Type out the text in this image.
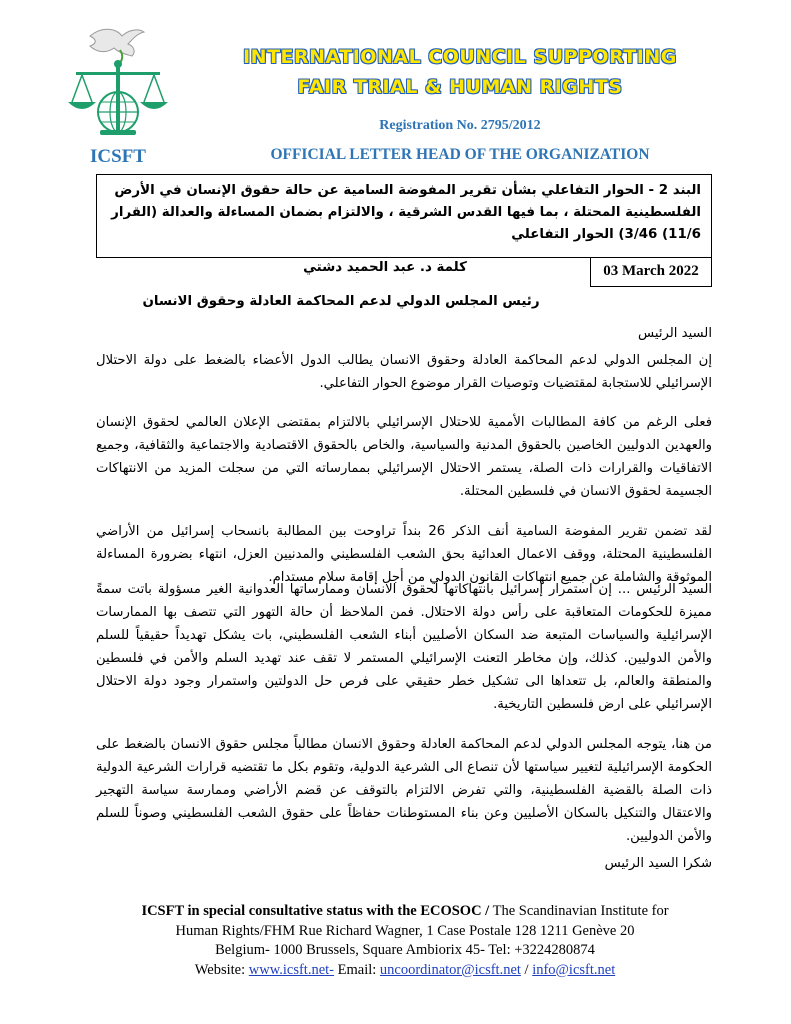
ICSFT
INTERNATIONAL COUNCIL SUPPORTING
FAIR TRIAL & HUMAN RIGHTS
Registration No. 2795/2012
OFFICIAL LETTER HEAD OF THE ORGANIZATION
البند 2 - الحوار التفاعلي بشأن تقرير المفوضة السامية عن حالة حقوق الإنسان في الأرض الفلسطينية المحتلة ، بما فيها القدس الشرقية ، والالتزام بضمان المساءلة والعدالة (القرار 11/6) 3/46) الحوار التفاعلي
03 March 2022
كلمة د. عبد الحميد دشتي
رئيس المجلس الدولي لدعم المحاكمة العادلة وحقوق الانسان
السيد الرئيس
إن المجلس الدولي لدعم المحاكمة العادلة وحقوق الانسان يطالب الدول الأعضاء بالضغط على دولة الاحتلال الإسرائيلي للاستجابة لمقتضيات وتوصيات القرار موضوع الحوار التفاعلي.
فعلى الرغم من كافة المطالبات الأممية للاحتلال الإسرائيلي بالالتزام بمقتضى الإعلان العالمي لحقوق الإنسان والعهدين الدوليين الخاصين بالحقوق المدنية والسياسية، والخاص بالحقوق الاقتصادية والاجتماعية والثقافية، وجميع الاتفاقيات والقرارات ذات الصلة، يستمر الاحتلال الإسرائيلي بممارساته التي من سجلت المزيد من الانتهاكات الجسيمة لحقوق الانسان في فلسطين المحتلة.
لقد تضمن تقرير المفوضة السامية أنف الذكر 26 بنداً تراوحت بين المطالبة بانسحاب إسرائيل من الأراضي الفلسطينية المحتلة، ووقف الاعمال العدائية بحق الشعب الفلسطيني والمدنيين العزل، انتهاء بضرورة المساءلة الموثوقة والشاملة عن جميع انتهاكات القانون الدولي من أجل إقامة سلام مستدام.
السيد الرئيس ... إن استمرار إسرائيل بانتهاكاتها لحقوق الانسان وممارساتها العدوانية الغير مسؤولة باتت سمةً مميزة للحكومات المتعاقبة على رأس دولة الاحتلال. فمن الملاحظ أن حالة التهور التي تتصف بها الممارسات الإسرائيلية والسياسات المتبعة ضد السكان الأصليين أبناء الشعب الفلسطيني، بات يشكل تهديداً حقيقياً للسلم والأمن الدوليين. كذلك، وإن مخاطر التعنت الإسرائيلي المستمر لا تقف عند تهديد السلم والأمن في فلسطين والمنطقة والعالم، بل تتعداها الى تشكيل خطر حقيقي على فرص حل الدولتين واستمرار وجود دولة الاحتلال الإسرائيلي على ارض فلسطين التاريخية.
من هنا، يتوجه المجلس الدولي لدعم المحاكمة العادلة وحقوق الانسان مطالباً مجلس حقوق الانسان بالضغط على الحكومة الإسرائيلية لتغيير سياستها لأن تنصاع الى الشرعية الدولية، وتقوم بكل ما تقتضيه قرارات الشرعية الدولية ذات الصلة بالقضية الفلسطينية، والتي تفرض الالتزام بالتوقف عن قضم الأراضي وممارسة سياسة التهجير والاعتقال والتنكيل بالسكان الأصليين وعن بناء المستوطنات حفاظاً على حقوق الشعب الفلسطيني وصوناً للسلم والأمن الدوليين.
شكرا السيد الرئيس
ICSFT in special consultative status with the ECOSOC / The Scandinavian Institute for
Human Rights/FHM Rue Richard Wagner, 1 Case Postale 128 1211 Genève 20
Belgium- 1000 Brussels, Square Ambiorix 45- Tel: +3224280874
Website: www.icsft.net- Email: uncoordinator@icsft.net / info@icsft.net
